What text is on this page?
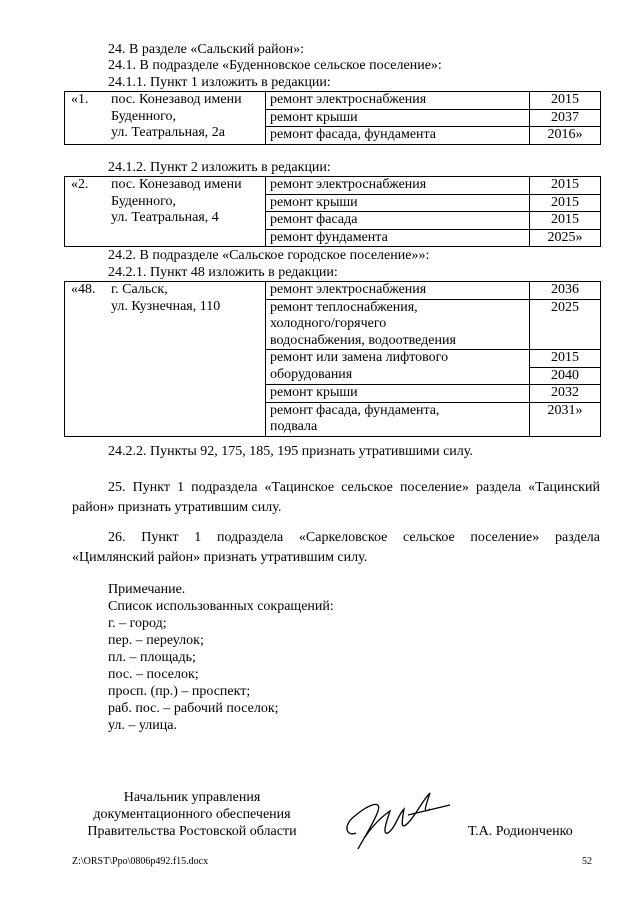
24. В разделе «Сальский район»:
24.1. В подразделе «Буденновское сельское поселение»:
24.1.1. Пункт 1 изложить в редакции:
«1.	пос. Конезавод имени
Буденного,
ул. Театральная, 2а	ремонт электроснабжения	2015
		ремонт крыши	2037
		ремонт фасада, фундамента	2016»
24.1.2. Пункт 2 изложить в редакции:
«2.	пос. Конезавод имени
Буденного,
ул. Театральная, 4	ремонт электроснабжения	2015
		ремонт крыши	2015
		ремонт фасада	2015
		ремонт фундамента	2025»
24.2. В подразделе «Сальское городское поселение»»:
24.2.1. Пункт 48 изложить в редакции:
«48.	г. Сальск,
ул. Кузнечная, 110	ремонт электроснабжения	2036

		ремонт теплоснабжения,
холодного/горячего
водоснабжения, водоотведения	2025

		ремонт или замена лифтового
оборудования	2015
			2040
		ремонт крыши	2032

		ремонт фасада, фундамента,
подвала	2031»
24.2.2. Пункты 92, 175, 185, 195 признать утратившими силу.
25. Пункт 1 подраздела «Тацинское сельское поселение» раздела «Тацинский район» признать утратившим силу.
26. Пункт 1 подраздела «Саркеловское сельское поселение» раздела «Цимлянский район» признать утратившим силу.
Примечание.
Список использованных сокращений:
г. – город;
пер. – переулок;
пл. – площадь;
пос. – поселок;
просп. (пр.) – проспект;
раб. пос. – рабочий поселок;
ул. – улица.
Начальник управления
документационного обеспечения
Правительства Ростовской области	Т.А. Родионченко
Z:\ORST\Ppo\0806p492.f15.docx	52
